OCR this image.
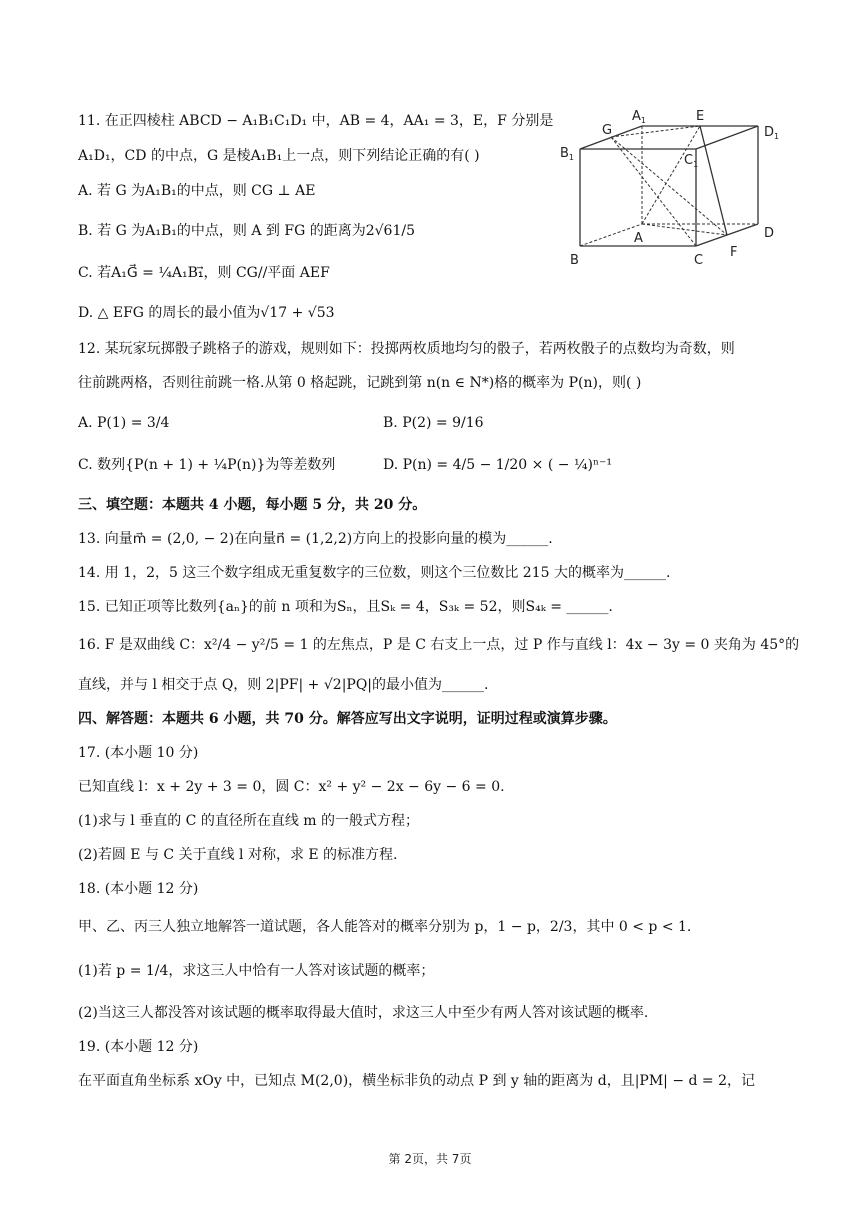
11. 在正四棱柱 ABCD − A₁B₁C₁D₁ 中，AB = 4，AA₁ = 3，E，F 分别是
A₁D₁，CD 的中点，G 是棱A₁B₁上一点，则下列结论正确的有( )
A. 若 G 为A₁B₁的中点，则 CG ⊥ AE
B. 若 G 为A₁B₁的中点，则 A 到 FG 的距离为2√61/5
C. 若A₁G⃗ = ¼A₁B₁⃗，则 CG//平面 AEF
D. △ EFG 的周长的最小值为√17 + √53
G
$A_1$	E
$D_1$
$B_1$	$C_1$
A	D
B	C
F
12. 某玩家玩掷骰子跳格子的游戏，规则如下：投掷两枚质地均匀的骰子，若两枚骰子的点数均为奇数，则
往前跳两格，否则往前跳一格.从第 0 格起跳，记跳到第 n(n ∈ N*)格的概率为 P(n)，则( )
A. P(1) = 3/4	B. P(2) = 9/16
C. 数列{P(n + 1) + ¼P(n)}为等差数列	D. P(n) = 4/5 − 1/20 × ( − ¼)ⁿ⁻¹
三、填空题：本题共 4 小题，每小题 5 分，共 20 分。
13. 向量m⃗ = (2,0, − 2)在向量n⃗ = (1,2,2)方向上的投影向量的模为______.
14. 用 1，2，5 这三个数字组成无重复数字的三位数，则这个三位数比 215 大的概率为______.
15. 已知正项等比数列{aₙ}的前 n 项和为Sₙ，且Sₖ = 4，S₃ₖ = 52，则S₄ₖ = ______.
16. F 是双曲线 C：x²/4 − y²/5 = 1 的左焦点，P 是 C 右支上一点，过 P 作与直线 l：4x − 3y = 0 夹角为 45°的
直线，并与 l 相交于点 Q，则 2|PF| + √2|PQ|的最小值为______.
四、解答题：本题共 6 小题，共 70 分。解答应写出文字说明，证明过程或演算步骤。
17. (本小题 10 分)
已知直线 l：x + 2y + 3 = 0，圆 C：x² + y² − 2x − 6y − 6 = 0.
(1)求与 l 垂直的 C 的直径所在直线 m 的一般式方程；
(2)若圆 E 与 C 关于直线 l 对称，求 E 的标准方程.
18. (本小题 12 分)
甲、乙、丙三人独立地解答一道试题，各人能答对的概率分别为 p，1 − p，2/3，其中 0 < p < 1.
(1)若 p = 1/4，求这三人中恰有一人答对该试题的概率；
(2)当这三人都没答对该试题的概率取得最大值时，求这三人中至少有两人答对该试题的概率.
19. (本小题 12 分)
在平面直角坐标系 xOy 中，已知点 M(2,0)，横坐标非负的动点 P 到 y 轴的距离为 d，且|PM| − d = 2，记
第 2页，共 7页
